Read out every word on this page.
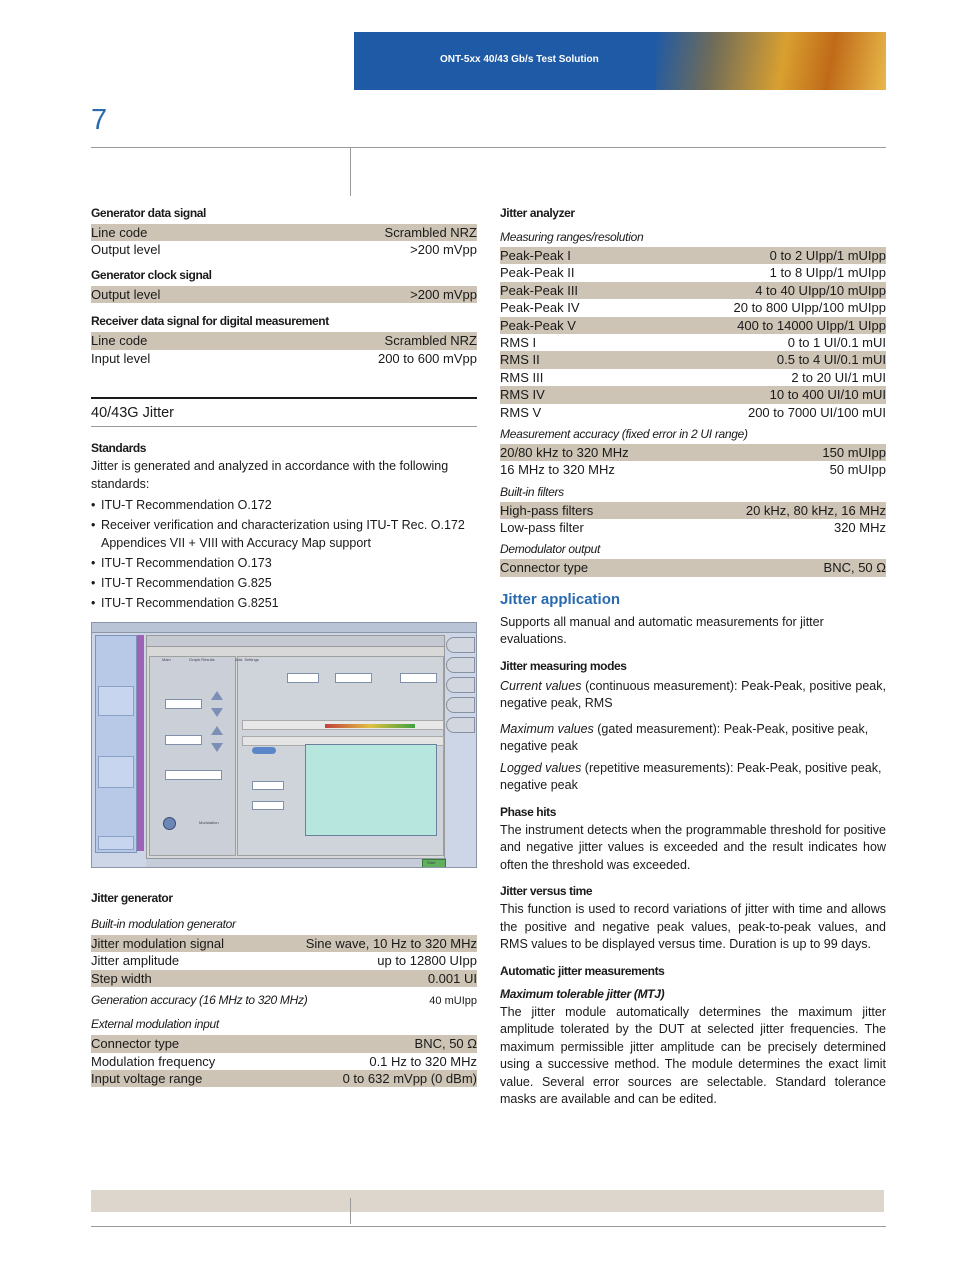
ONT-5xx 40/43 Gb/s Test Solution
7

Generator data signal

Line code	Scrambled NRZ
Output level	>200 mVpp

Generator clock signal

Output level	>200 mVpp

Receiver data signal for digital measurement

Line code	Scrambled NRZ
Input level	200 to 600 mVpp
40/43G Jitter

Standards

Jitter is generated and analyzed in accordance with the following standards:

• ITU-T Recommendation O.172
• Receiver verification and characterization using ITU-T Rec. O.172 Appendices VII + VIII with Accuracy Map support
• ITU-T Recommendation O.173
• ITU-T Recommendation G.825
• ITU-T Recommendation G.8251
Modulation
Main	Graph Results	Add. Settings
Start

Jitter generator

Built-in modulation generator

Jitter modulation signal	Sine wave, 10 Hz to 320 MHz
Jitter amplitude	up to 12800 UIpp
Step width	0.001 UI
Generation accuracy (16 MHz to 320 MHz)	40 mUIpp

External modulation input

Connector type	BNC, 50 Ω
Modulation frequency	0.1 Hz to 320 MHz
Input voltage range	0 to 632 mVpp (0 dBm)

Jitter analyzer

Measuring ranges/resolution

Peak-Peak I	0 to 2 UIpp/1 mUIpp
Peak-Peak II	1 to 8 UIpp/1 mUIpp
Peak-Peak III	4 to 40 UIpp/10 mUIpp
Peak-Peak IV	20 to 800 UIpp/100 mUIpp
Peak-Peak V	400 to 14000 UIpp/1 UIpp
RMS I	0 to 1 UI/0.1 mUI
RMS II	0.5 to 4 UI/0.1 mUI
RMS III	2 to 20 UI/1 mUI
RMS IV	10 to 400 UI/10 mUI
RMS V	200 to 7000 UI/100 mUI

Measurement accuracy (fixed error in 2 UI range)

20/80 kHz to 320 MHz	150 mUIpp
16 MHz to 320 MHz	50 mUIpp

Built-in filters

High-pass filters	20 kHz, 80 kHz, 16 MHz
Low-pass filter	320 MHz

Demodulator output

Connector type	BNC, 50 Ω

Jitter application

Supports all manual and automatic measurements for jitter evaluations.

Jitter measuring modes

Current values (continuous measurement): Peak-Peak, positive peak, negative peak, RMS

Maximum values (gated measurement): Peak-Peak, positive peak, negative peak

Logged values (repetitive measurements): Peak-Peak, positive peak, negative peak

Phase hits

The instrument detects when the programmable threshold for positive and negative jitter values is exceeded and the result indicates how often the threshold was exceeded.

Jitter versus time

This function is used to record variations of jitter with time and allows the positive and negative peak values, peak-to-peak values, and RMS values to be displayed versus time. Duration is up to 99 days.

Automatic jitter measurements

Maximum tolerable jitter (MTJ)

The jitter module automatically determines the maximum jitter amplitude tolerated by the DUT at selected jitter frequencies. The maximum permissible jitter amplitude can be precisely determined using a successive method. The module determines the exact limit value. Several error sources are selectable. Standard tolerance masks are available and can be edited.
